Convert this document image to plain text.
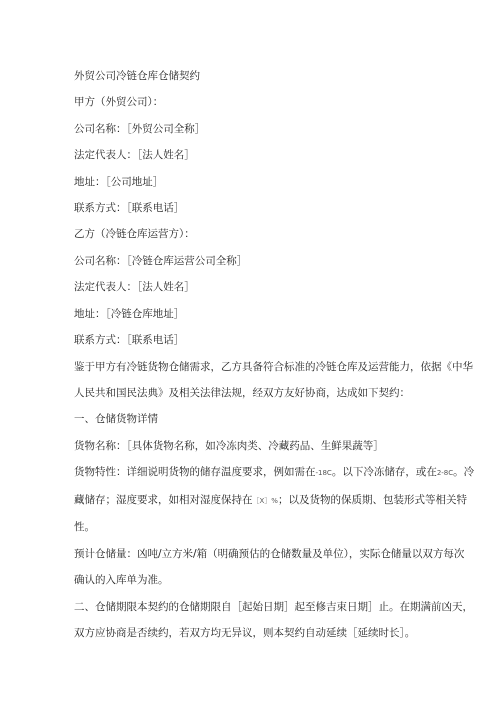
外贸公司冷链仓库仓储契约
甲方（外贸公司）：
公司名称：［外贸公司全称］
法定代表人：［法人姓名］
地址：［公司地址］
联系方式：［联系电话］
乙方（冷链仓库运营方）：
公司名称：［冷链仓库运营公司全称］
法定代表人：［法人姓名］
地址：［冷链仓库地址］
联系方式：［联系电话］
鉴于甲方有冷链货物仓储需求，乙方具备符合标准的冷链仓库及运营能力，依据《中华
人民共和国民法典》及相关法律法规，经双方友好协商，达成如下契约：
一、仓储货物详情
货物名称：［具体货物名称，如冷冻肉类、冷藏药品、生鲜果蔬等］
货物特性：详细说明货物的储存温度要求，例如需在-18C。以下冷冻储存，或在2-8C。冷
藏储存；湿度要求，如相对湿度保持在［X］%；以及货物的保质期、包装形式等相关特
性。
预计仓储量：凶吨/立方米/箱（明确预估的仓储数量及单位），实际仓储量以双方每次
确认的入库单为准。
二、仓储期限本契约的仓储期限自［起始日期］起至修吉束日期］止。在期满前凶天，
双方应协商是否续约，若双方均无异议，则本契约自动延续［延续时长］。
